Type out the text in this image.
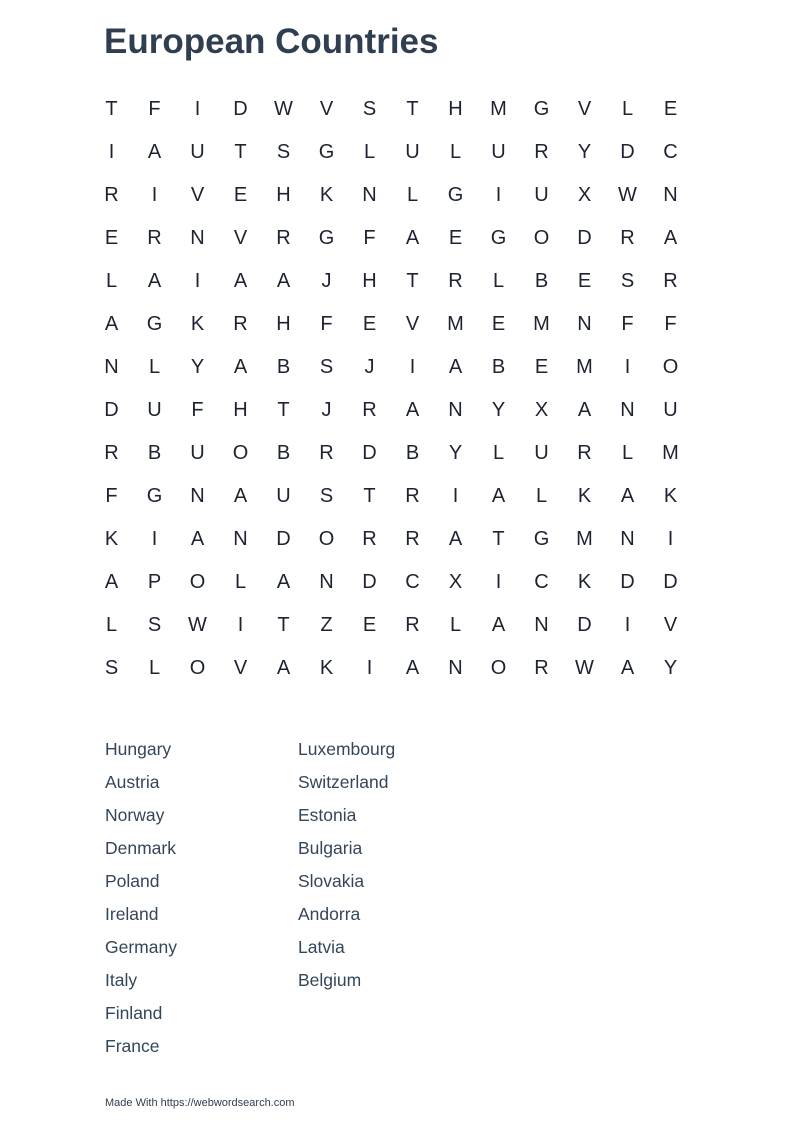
European Countries
T	F	I	D	W	V	S	T	H	M	G	V	L	E
I	A	U	T	S	G	L	U	L	U	R	Y	D	C
R	I	V	E	H	K	N	L	G	I	U	X	W	N
E	R	N	V	R	G	F	A	E	G	O	D	R	A
L	A	I	A	A	J	H	T	R	L	B	E	S	R
A	G	K	R	H	F	E	V	M	E	M	N	F	F
N	L	Y	A	B	S	J	I	A	B	E	M	I	O
D	U	F	H	T	J	R	A	N	Y	X	A	N	U
R	B	U	O	B	R	D	B	Y	L	U	R	L	M
F	G	N	A	U	S	T	R	I	A	L	K	A	K
K	I	A	N	D	O	R	R	A	T	G	M	N	I
A	P	O	L	A	N	D	C	X	I	C	K	D	D
L	S	W	I	T	Z	E	R	L	A	N	D	I	V
S	L	O	V	A	K	I	A	N	O	R	W	A	Y
Hungary
Austria
Norway
Denmark
Poland
Ireland
Germany
Italy
Finland
France
Luxembourg
Switzerland
Estonia
Bulgaria
Slovakia
Andorra
Latvia
Belgium
Made With https://webwordsearch.com
